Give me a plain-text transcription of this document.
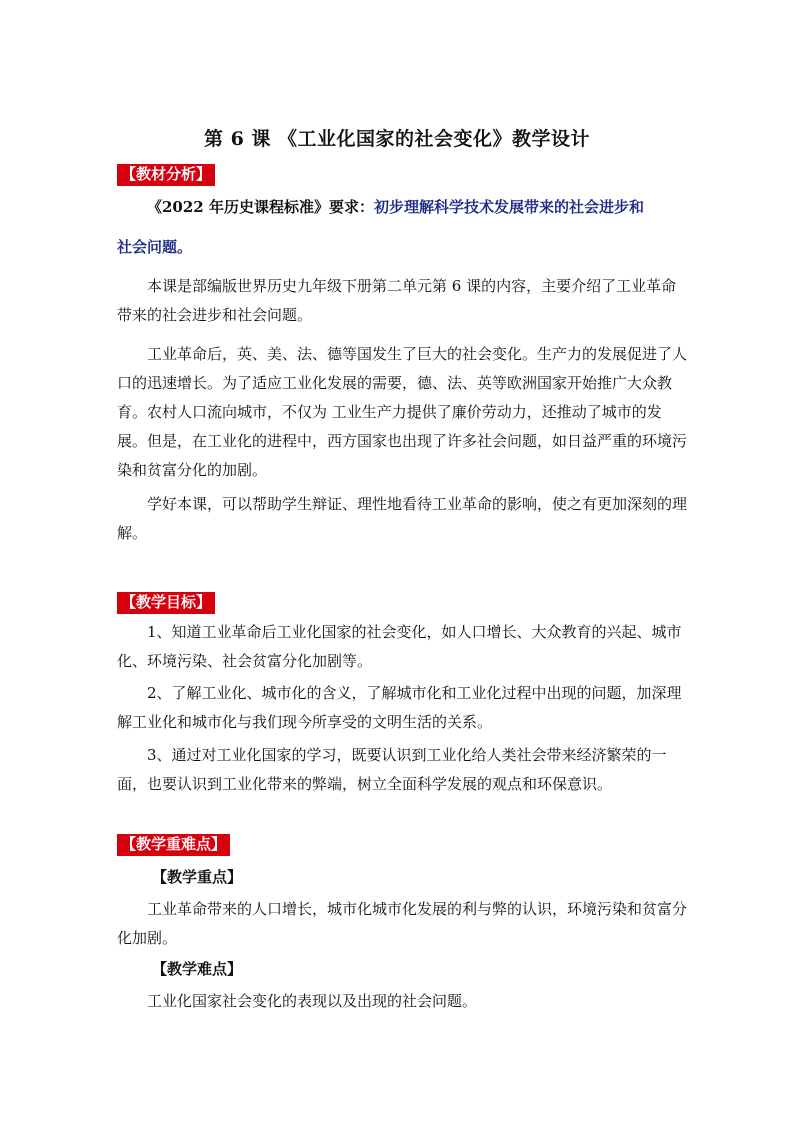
第 6 课 《工业化国家的社会变化》教学设计
【教材分析】
《2022 年历史课程标准》要求：初步理解科学技术发展带来的社会进步和
社会问题。

本课是部编版世界历史九年级下册第二单元第 6 课的内容，主要介绍了工业革命带来的社会进步和社会问题。

工业革命后，英、美、法、德等国发生了巨大的社会变化。生产力的发展促进了人口的迅速增长。为了适应工业化发展的需要，德、法、英等欧洲国家开始推广大众教育。农村人口流向城市，不仅为 工业生产力提供了廉价劳动力，还推动了城市的发展。但是，在工业化的进程中，西方国家也出现了许多社会问题，如日益严重的环境污染和贫富分化的加剧。

学好本课，可以帮助学生辩证、理性地看待工业革命的影响，使之有更加深刻的理解。

【教学目标】

1、知道工业革命后工业化国家的社会变化，如人口增长、大众教育的兴起、城市化、环境污染、社会贫富分化加剧等。

2、了解工业化、城市化的含义，了解城市化和工业化过程中出现的问题，加深理解工业化和城市化与我们现今所享受的文明生活的关系。

3、通过对工业化国家的学习，既要认识到工业化给人类社会带来经济繁荣的一面，也要认识到工业化带来的弊端，树立全面科学发展的观点和环保意识。

【教学重难点】
【教学重点】

工业革命带来的人口增长，城市化城市化发展的利与弊的认识，环境污染和贫富分化加剧。

【教学难点】

工业化国家社会变化的表现以及出现的社会问题。
